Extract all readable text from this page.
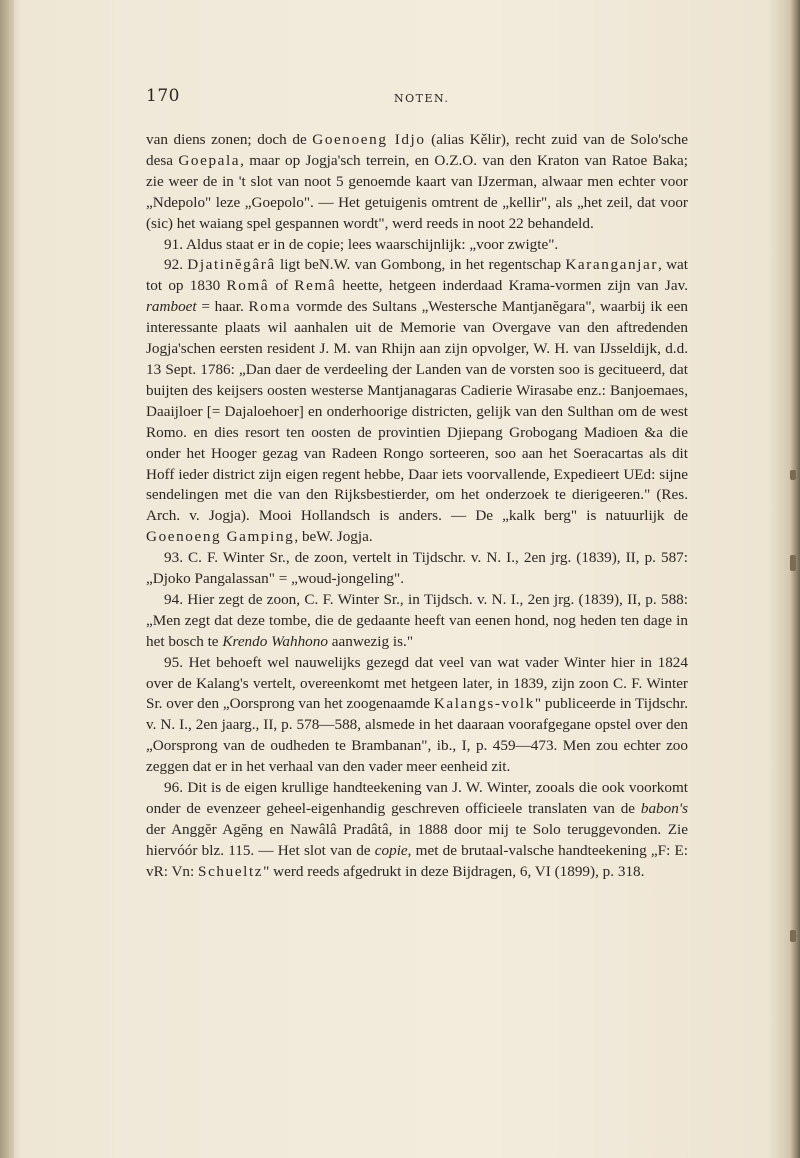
170	NOTEN.

van diens zonen; doch de Goenoeng Idjo (alias Kělir), recht zuid van de Solo'sche desa Goepala, maar op Jogja'sch terrein, en O.Z.O. van den Kraton van Ratoe Baka; zie weer de in 't slot van noot 5 genoemde kaart van IJzerman, alwaar men echter voor „Ndepolo" leze „Goepolo". — Het getuigenis omtrent de „kellir", als „het zeil, dat voor (sic) het waiang spel gespannen wordt", werd reeds in noot 22 behandeld.

91. Aldus staat er in de copie; lees waarschijnlijk: „voor zwigte".

92. Djatinĕgârâ ligt beN.W. van Gombong, in het regentschap Karanganjar, wat tot op 1830 Româ of Remâ heette, hetgeen inderdaad Krama-vormen zijn van Jav. ramboet = haar. Roma vormde des Sultans „Westersche Mantjanĕgara", waarbij ik een interessante plaats wil aanhalen uit de Memorie van Overgave van den aftredenden Jogja'schen eersten resident J. M. van Rhijn aan zijn opvolger, W. H. van IJsseldijk, d.d. 13 Sept. 1786: „Dan daer de verdeeling der Landen van de vorsten soo is gecitueerd, dat buijten des keijsers oosten westerse Mantjanagaras Cadierie Wirasabe enz.: Banjoemaes, Daaijloer [= Dajaloehoer] en onderhoorige districten, gelijk van den Sulthan om de west Romo. en dies resort ten oosten de provintien Djiepang Grobogang Madioen &a die onder het Hooger gezag van Radeen Rongo sorteeren, soo aan het Soeracartas als dit Hoff ieder district zijn eigen regent hebbe, Daar iets voorvallende, Expedieert UEd: sijne sendelingen met die van den Rijksbestierder, om het onderzoek te dierigeeren." (Res. Arch. v. Jogja). Mooi Hollandsch is anders. — De „kalk berg" is natuurlijk de Goenoeng Gamping, beW. Jogja.

93. C. F. Winter Sr., de zoon, vertelt in Tijdschr. v. N. I., 2en jrg. (1839), II, p. 587: „Djoko Pangalassan" = „woud-jongeling".

94. Hier zegt de zoon, C. F. Winter Sr., in Tijdsch. v. N. I., 2en jrg. (1839), II, p. 588: „Men zegt dat deze tombe, die de gedaante heeft van eenen hond, nog heden ten dage in het bosch te Krendo Wahhono aanwezig is."

95. Het behoeft wel nauwelijks gezegd dat veel van wat vader Winter hier in 1824 over de Kalang's vertelt, overeenkomt met hetgeen later, in 1839, zijn zoon C. F. Winter Sr. over den „Oorsprong van het zoogenaamde Kalangs-volk" publiceerde in Tijdschr. v. N. I., 2en jaarg., II, p. 578—588, alsmede in het daaraan voorafgegane opstel over den „Oorsprong van de oudheden te Brambanan", ib., I, p. 459—473. Men zou echter zoo zeggen dat er in het verhaal van den vader meer eenheid zit.

96. Dit is de eigen krullige handteekening van J. W. Winter, zooals die ook voorkomt onder de evenzeer geheel-eigenhandig geschreven officieele translaten van de babon's der Anggĕr Agĕng en Nawâlâ Pradâtâ, in 1888 door mij te Solo teruggevonden. Zie hiervóór blz. 115. — Het slot van de copie, met de brutaal-valsche handteekening „F: E: vR: Vn: Schueltz" werd reeds afgedrukt in deze Bijdragen, 6, VI (1899), p. 318.
